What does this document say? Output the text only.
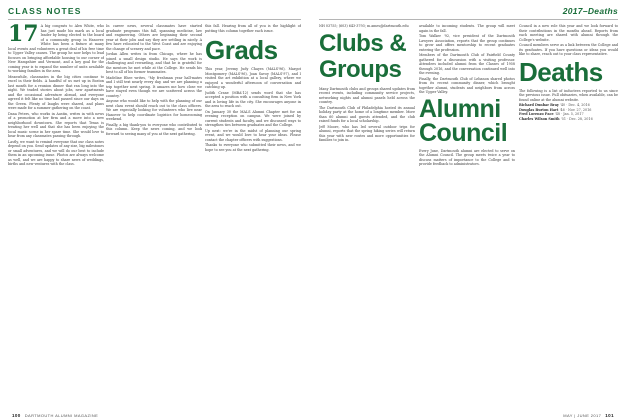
CLASS NOTES	2017–Deaths
17 A big congrats to Alex White, who has just made his mark as a local leader by being elected to the board of a community group in Hanover. White has been a fixture at many local events and volunteers a great deal of his free time to Upper Valley causes. The group he now helps to lead focuses on bringing affordable housing to our corner of New Hampshire and Vermont, and a key goal for the coming year is to expand the number of units available to working families in the area.

Meanwhile, classmates in the big cities continue to excel in their fields. A handful of us met up in Boston last month for a reunion dinner that ran long into the night. We traded stories about jobs, new apartments and the occasional adventure abroad, and everyone agreed it felt like no time had passed since our days on the Green. Plenty of laughs were shared, and plans were made for a summer gathering on the coast.

Dana Peters, who works in Austin, writes in with news of a promotion at her firm and a move into a new neighborhood downtown. She reports that Texas is treating her well and that she has been enjoying the local music scene in her spare time. She would love to hear from any classmates passing through.

Lastly, we want to remind everyone that our class notes depend on you. Send updates of any size, big milestones or small adventures, and we will do our best to include them in an upcoming issue. Photos are always welcome as well, and we are happy to share news of weddings, births and new ventures with the class.

In career news, several classmates have started graduate programs this fall, spanning medicine, law and engineering. Others are beginning their second year at their jobs and say they are settling in nicely. A few have relocated to the West Coast and are enjoying the change of scenery and pace.

Jordan Allen writes in from Chicago, where he has joined a small design studio. He says the work is challenging and rewarding, and that he is grateful for the mentors he met while at the College. He sends his best to all of his former teammates.

Madeline Rhee writes, "My freshman year hall-mates and I still text nearly every day, and we are planning a trip together next spring. It amazes me how close we have stayed even though we are scattered across the country."

Anyone who would like to help with the planning of our next class event should reach out to the class officers. We are especially looking for volunteers who live near Hanover to help coordinate logistics for homecoming weekend.

Finally, a big thank-you to everyone who contributed to this column. Keep the news coming, and we look forward to seeing many of you at the next gathering.

this fall. Hearing from all of you is the highlight of putting this column together each issue.

Grads

This year, Jeremy Judy Chayes (MALS'96), Margot Montgomery (MALS'96), Joan Savoy (MALS'97), and I visited the art exhibition at a local gallery, where we enjoyed a wonderful afternoon of conversation and catching up.

Judith Crane (MBA'12) sends word that she has accepted a position with a consulting firm in New York and is loving life in the city. She encourages anyone in the area to reach out.

On January 30 the MALS Alumni Chapter met for an evening reception on campus. We were joined by current students and faculty, and we discussed ways to strengthen ties between graduates and the College.

Up next: we're in the midst of planning our spring event, and we would love to hear your ideas. Please contact the chapter officers with suggestions.

Thanks to everyone who submitted their news, and we hope to see you at the next gathering.

NH 03755; (603) 643-3793; m.ames@dartmouth.edu

Clubs & Groups

Many Dartmouth clubs and groups shared updates from recent events, including community service projects, networking nights and alumni panels held across the country.

The Dartmouth Club of Philadelphia hosted its annual holiday party at the home of a longtime member. More than 60 alumni and guests attended, and the club raised funds for a local scholarship.

Jeff Moore, who has led several outdoor trips for alumni, reports that the spring hiking series will return this year with new routes and more opportunities for families to join in.

available to incoming students. The group will meet again in the fall.

Tom Walker '92, vice president of the Dartmouth Lawyers Association, reports that the group continues to grow and offers mentorship to recent graduates entering the profession.

Members of the Dartmouth Club of Fairfield County gathered for a discussion with a visiting professor. Attendees included alumni from the Classes of 1958 through 2016, and the conversation continued well into the evening.

Finally, the Dartmouth Club of Lebanon shared photos from its recent community dinner, which brought together alumni, students and neighbors from across the Upper Valley.

Alumni Council

Every June, Dartmouth alumni are elected to serve on the Alumni Council. The group meets twice a year to discuss matters of importance to the College and to provide feedback to administrators.

Council in a new role this year and we look forward to their contributions in the months ahead. Reports from each meeting are shared with alumni through the College's website.

Council members serve as a link between the College and its graduates. If you have questions or ideas you would like to share, reach out to your class representative.

Deaths

The following is a list of inductees reported to us since the previous issue. Full obituaries, when available, can be found online at the alumni website.

Richard Dunbar Bray '40 · Dec. 4, 2016
Douglas Burton Hart '46 · Nov. 27, 2016
Fred Lorenzo Pace '48 · Jan. 5, 2017
Charles Wilson Smith '51 · Dec. 28, 2016
100 DARTMOUTH ALUMNI MAGAZINE	MAY | JUNE 2017 101
